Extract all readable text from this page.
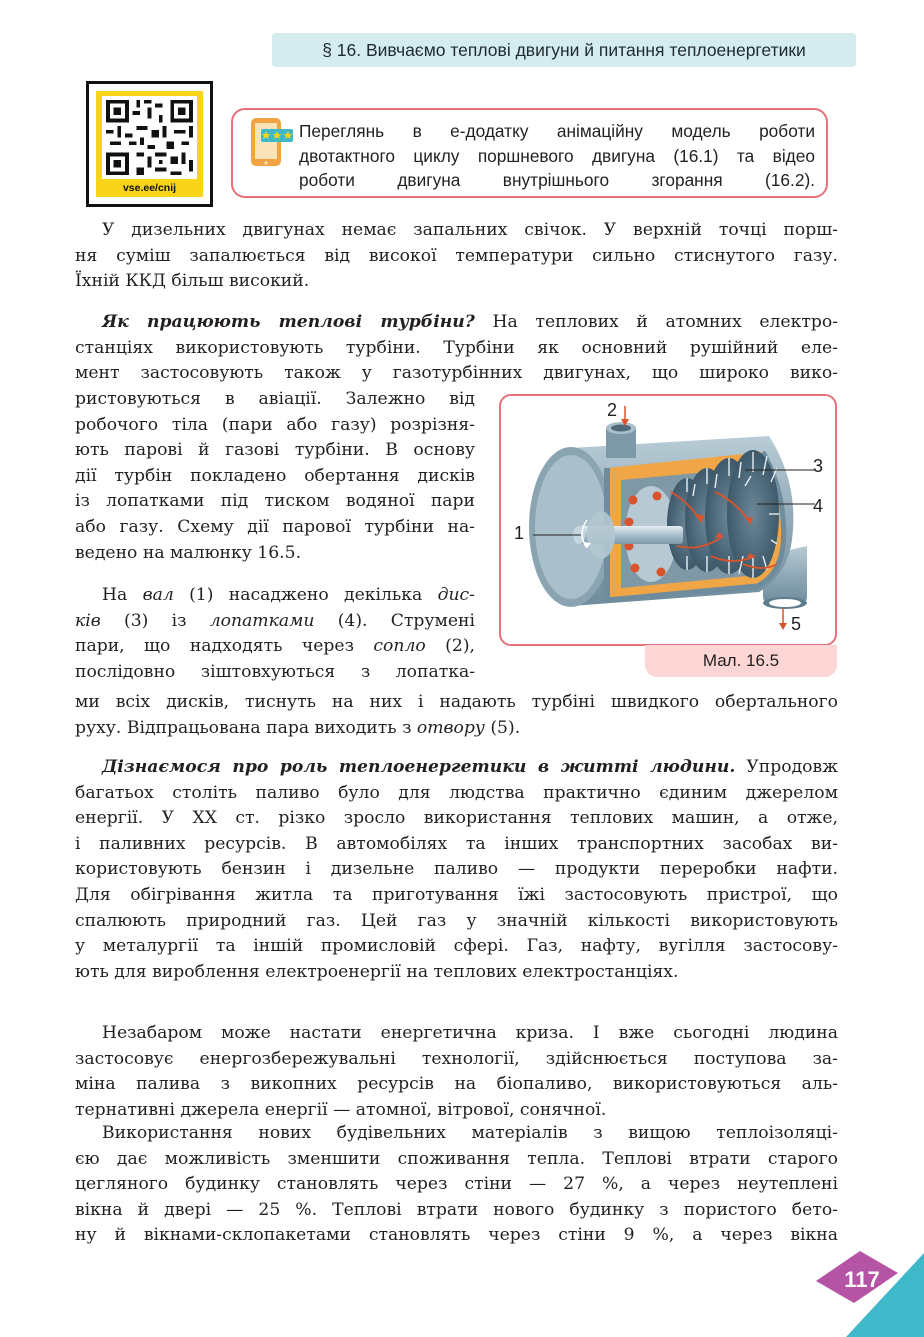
§ 16. Вивчаємо теплові двигуни й питання теплоенергетики
vse.ee/cnij
Переглянь в е-додатку анімаційну модель роботи
двотактного циклу поршневого двигуна (16.1) та відео
роботи двигуна внутрішнього згорання (16.2).
У дизельних двигунах немає запальних свічок. У верхній точці порш-
ня суміш запалюється від високої температури сильно стиснутого газу.
Їхній ККД більш високий.
Як працюють теплові турбіни? На теплових й атомних електро-
станціях використовують турбіни. Турбіни як основний рушійний еле-
мент застосовують також у газотурбінних двигунах, що широко вико-
ристовуються в авіації. Залежно від
робочого тіла (пари або газу) розрізня-
ють парові й газові турбіни. В основу
дії турбін покладено обертання дисків
із лопатками під тиском водяної пари
або газу. Схему дії парової турбіни на-
ведено на малюнку 16.5.
На вал (1) насаджено декілька дис-
ків (3) із лопатками (4). Струмені
пари, що надходять через сопло (2),
послідовно зіштовхуються з лопатка-
ми всіх дисків, тиснуть на них і надають турбіні швидкого обертального
руху. Відпрацьована пара виходить з отвору (5).
1
2
3
4
5
Мал. 16.5
Дізнаємося про роль теплоенергетики в житті людини. Упродовж
багатьох століть паливо було для людства практично єдиним джерелом
енергії. У XX ст. різко зросло використання теплових машин, а отже,
і паливних ресурсів. В автомобілях та інших транспортних засобах ви-
користовують бензин і дизельне паливо — продукти переробки нафти.
Для обігрівання житла та приготування їжі застосовують пристрої, що
спалюють природний газ. Цей газ у значній кількості використовують
у металургії та іншій промисловій сфері. Газ, нафту, вугілля застосову-
ють для вироблення електроенергії на теплових електростанціях.
Незабаром може настати енергетична криза. І вже сьогодні людина
застосовує енергозбережувальні технології, здійснюється поступова за-
міна палива з викопних ресурсів на біопаливо, використовуються аль-
тернативні джерела енергії — атомної, вітрової, сонячної.
Використання нових будівельних матеріалів з вищою теплоізоляці-
єю дає можливість зменшити споживання тепла. Теплові втрати старого
цегляного будинку становлять через стіни — 27 %, а через неутеплені
вікна й двері — 25 %. Теплові втрати нового будинку з пористого бето-
ну й вікнами-склопакетами становлять через стіни 9 %, а через вікна
117
